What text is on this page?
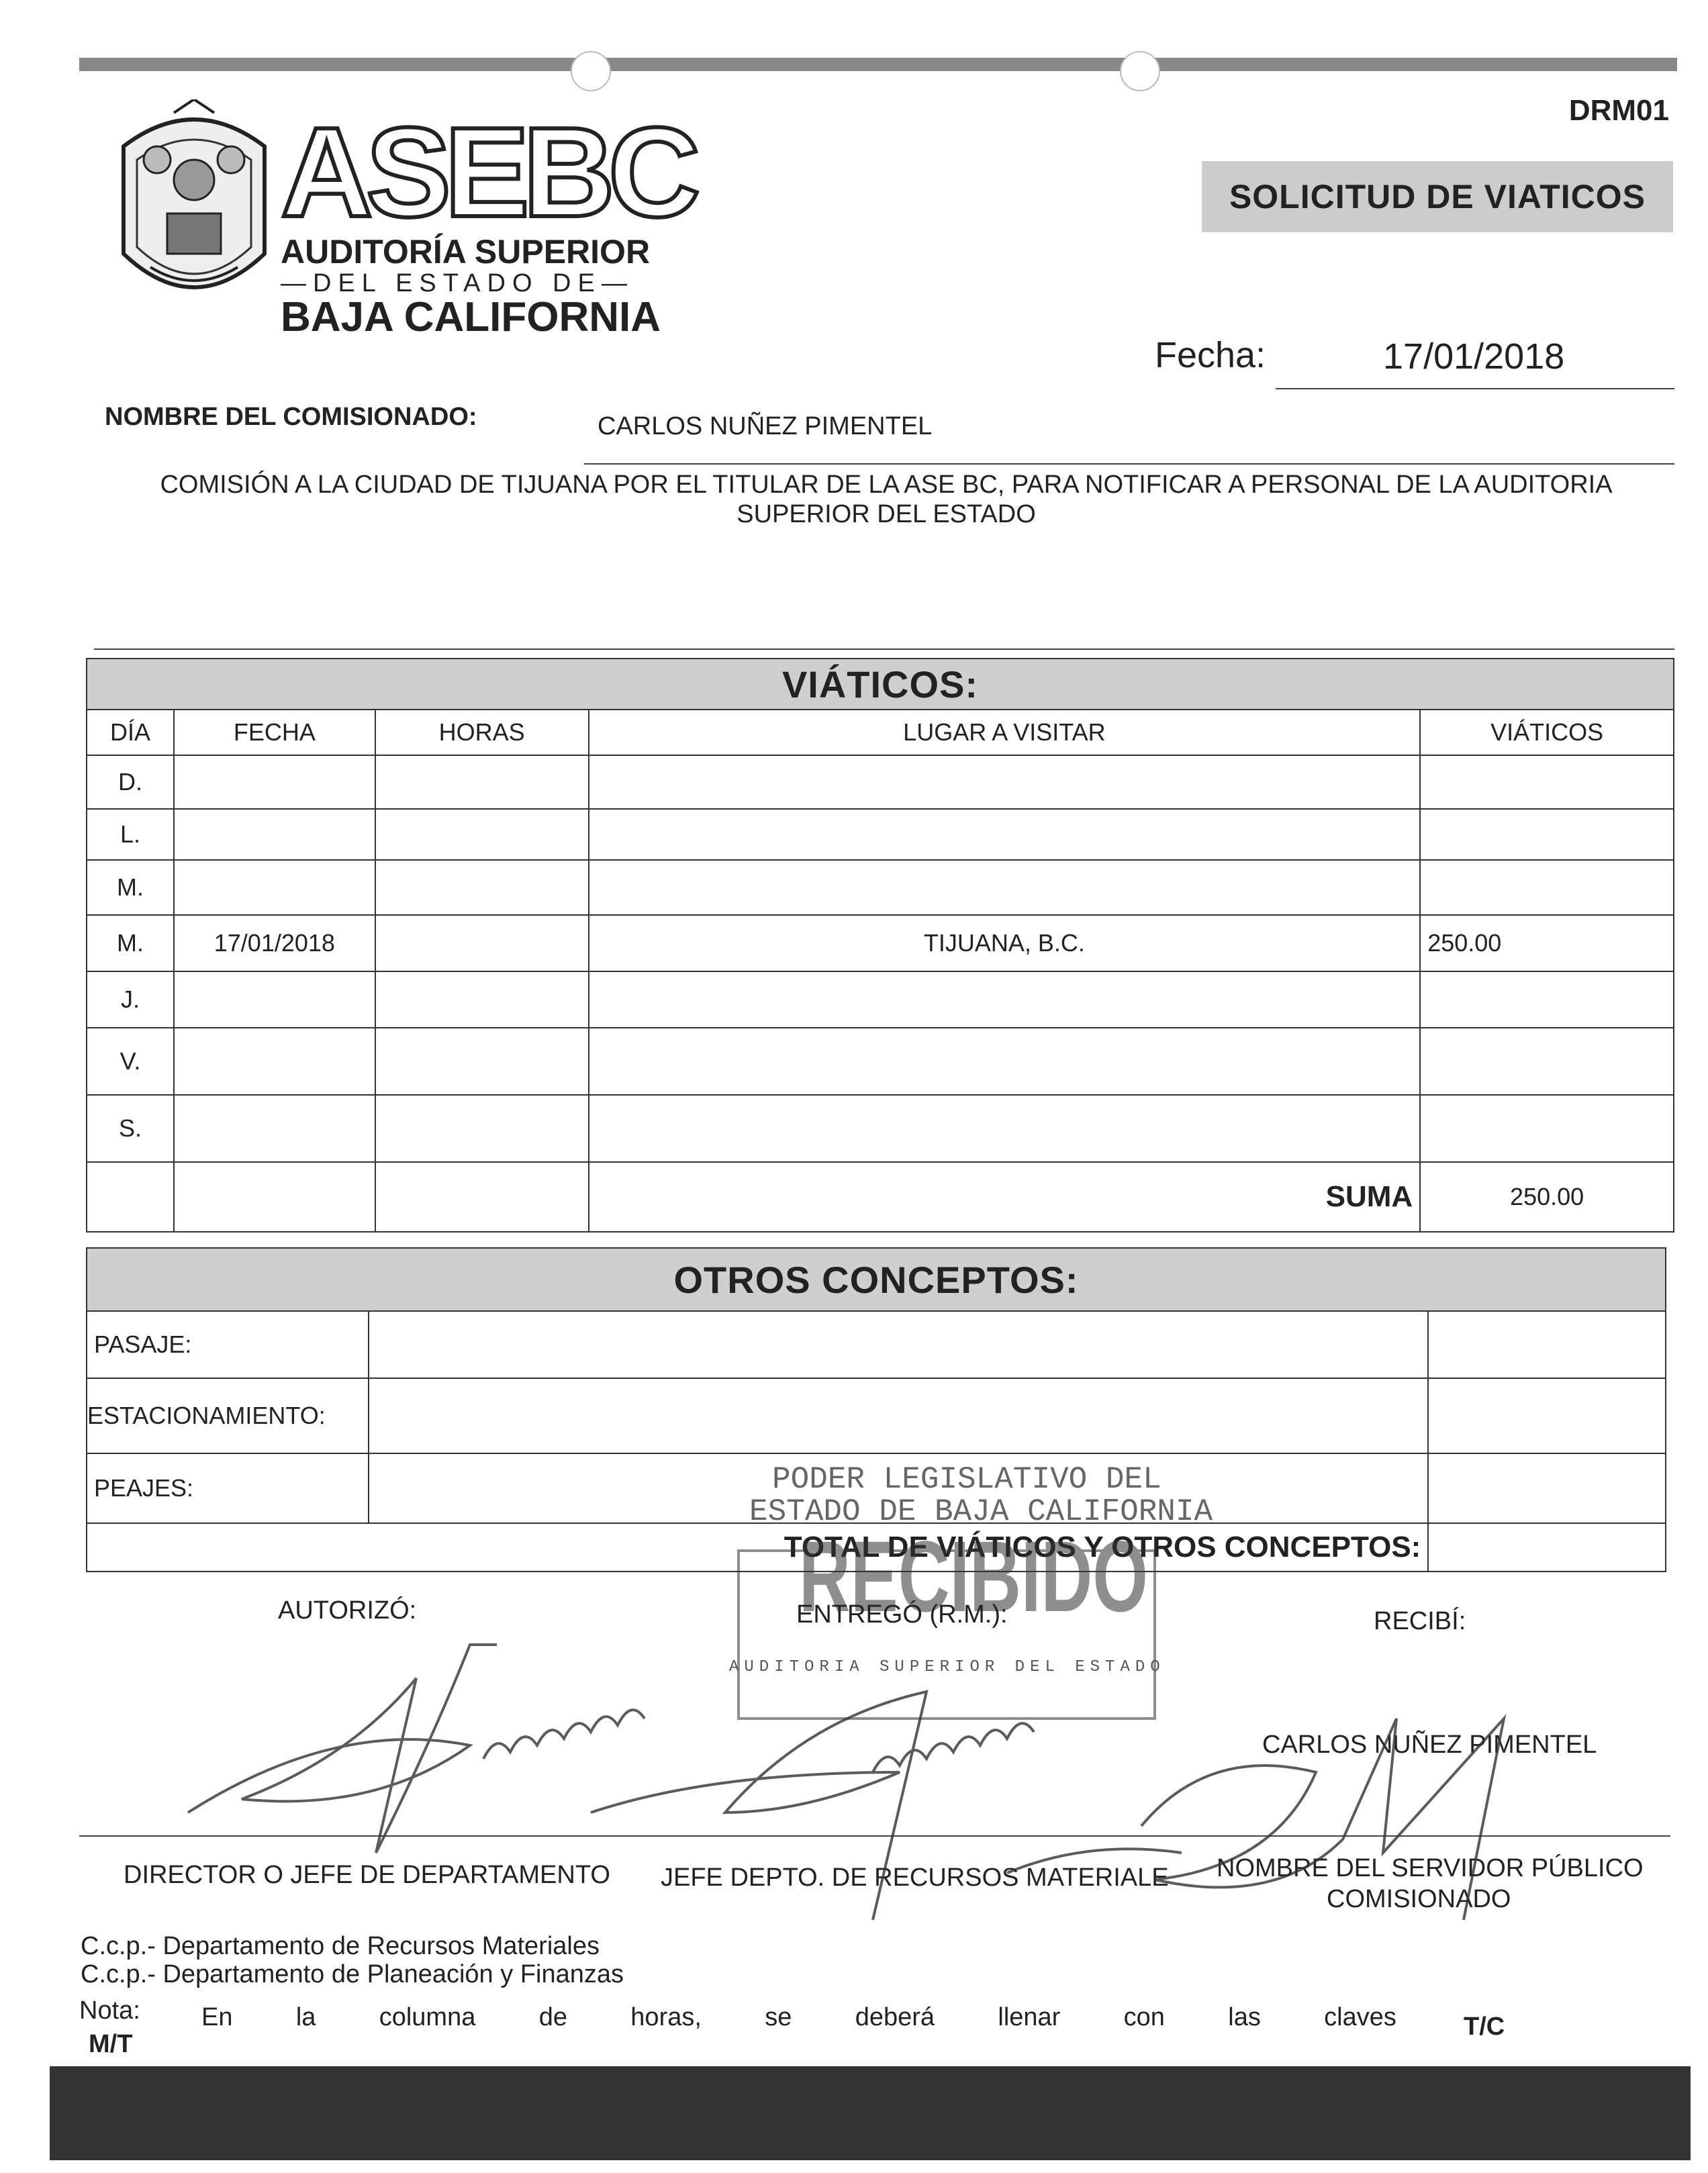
ASEBC
AUDITORÍA SUPERIOR
—DEL ESTADO DE—
BAJA CALIFORNIA
DRM01
SOLICITUD DE VIATICOS
Fecha:	17/01/2018
NOMBRE DEL COMISIONADO:	CARLOS NUÑEZ PIMENTEL
COMISIÓN A LA CIUDAD DE TIJUANA POR EL TITULAR DE LA ASE BC, PARA NOTIFICAR A PERSONAL DE LA AUDITORIA SUPERIOR DEL ESTADO
VIÁTICOS:				
DÍA	FECHA	HORAS	LUGAR A VISITAR	VIÁTICOS
D.				
L.				
M.				
M.	17/01/2018		TIJUANA, B.C.	250.00
J.				
V.				
S.				
			SUMA	250.00
OTROS CONCEPTOS:		
PASAJE:		
ESTACIONAMIENTO:		
PEAJES:		
TOTAL DE VIÁTICOS Y OTROS CONCEPTOS:		
RECIBIDO
PODER LEGISLATIVO DEL
ESTADO DE BAJA CALIFORNIA
AUDITORIA SUPERIOR DEL ESTADO
AUTORIZÓ:	ENTREGÓ (R.M.):	RECIBÍ:
CARLOS NUÑEZ PIMENTEL
DIRECTOR O JEFE DE DEPARTAMENTO JEFE DEPTO. DE RECURSOS MATERIALE NOMBRE DEL SERVIDOR PÚBLICO
COMISIONADO
C.c.p.- Departamento de Recursos Materiales
C.c.p.- Departamento de Planeación y Finanzas
Nota: En la columna de horas, se deberá llenar con las claves	T/C
M/T
